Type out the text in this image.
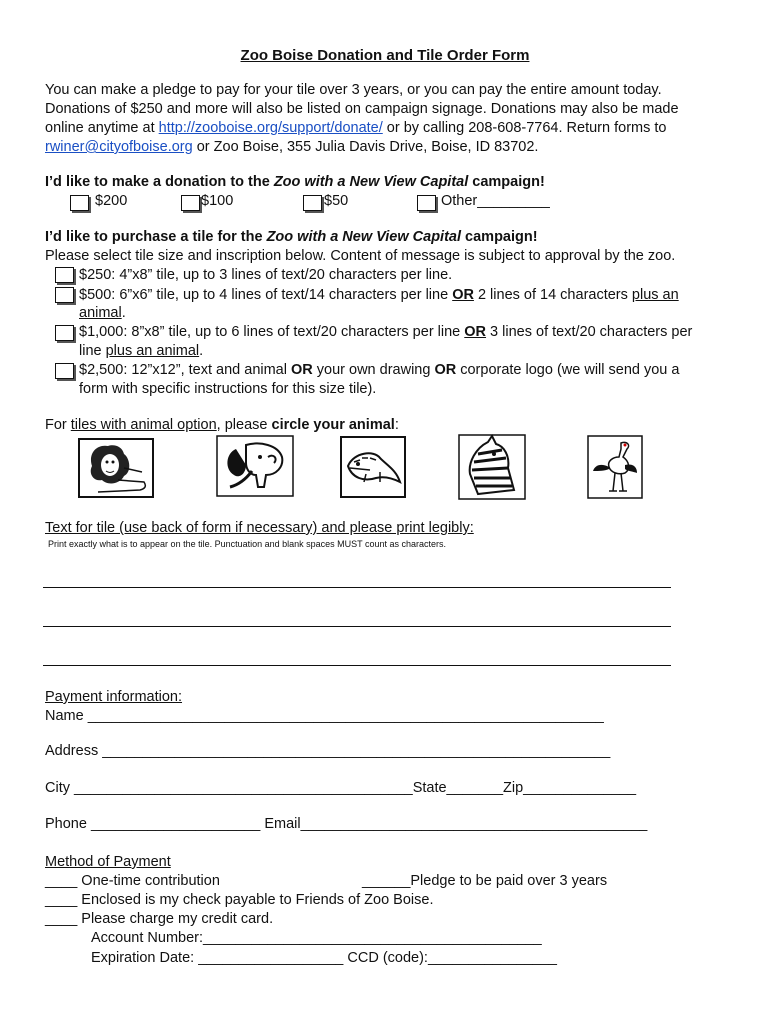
Zoo Boise Donation and Tile Order Form
You can make a pledge to pay for your tile over 3 years, or you can pay the entire amount today.
Donations of $250 and more will also be listed on campaign signage. Donations may also be made
online anytime at http://zooboise.org/support/donate/ or by calling 208-608-7764. Return forms to
rwiner@cityofboise.org or Zoo Boise, 355 Julia Davis Drive, Boise, ID 83702.
I’d like to make a donation to the Zoo with a New View Capital campaign!
$200	$100	$50	Other_________
I’d like to purchase a tile for the Zoo with a New View Capital campaign!
Please select tile size and inscription below. Content of message is subject to approval by the zoo.
$250: 4”x8” tile, up to 3 lines of text/20 characters per line.
$500: 6”x6” tile, up to 4 lines of text/14 characters per line OR 2 lines of 14 characters plus an
animal.
$1,000: 8”x8” tile, up to 6 lines of text/20 characters per line OR 3 lines of text/20 characters per
line plus an animal.
$2,500: 12”x12”, text and animal OR your own drawing OR corporate logo (we will send you a
form with specific instructions for this size tile).
For tiles with animal option, please circle your animal:
Text for tile (use back of form if necessary) and please print legibly:
Print exactly what is to appear on the tile. Punctuation and blank spaces MUST count as characters.
Payment information:
Name ________________________________________________________________
Address _______________________________________________________________
City __________________________________________State_______Zip______________
Phone _____________________ Email___________________________________________
Method of Payment
____ One-time contribution	______Pledge to be paid over 3 years
____ Enclosed is my check payable to Friends of Zoo Boise.
____ Please charge my credit card.
Account Number:__________________________________________
Expiration Date: __________________ CCD (code):________________
